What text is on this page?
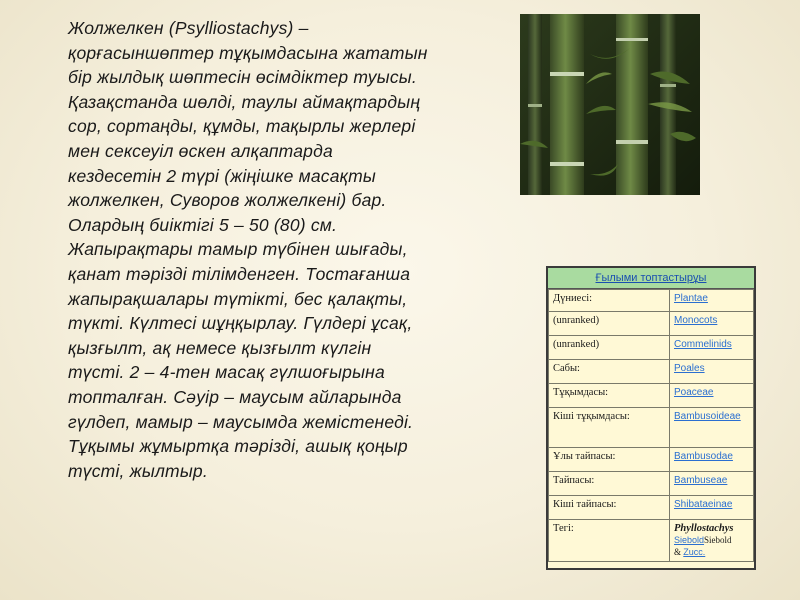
Жолжелкен (Psylliostachys) – қорғасыншөптер тұқымдасына жататын бір жылдық шөптесін өсімдіктер туысы. Қазақстанда шөлді, таулы аймақтардың сор, сортаңды, құмды, тақырлы жерлері мен сексеуіл өскен алқаптарда кездесетін 2 түрі (жіңішке масақты жолжелкен, Суворов жолжелкені) бар. Олардың биіктігі 5 – 50 (80) см. Жапырақтары тамыр түбінен шығады, қанат тәрізді тілімденген. Тостағанша жапырақшалары түтікті, бес қалақты, түкті. Күлтесі шұңқырлау. Гүлдері ұсақ, қызғылт, ақ немесе қызғылт күлгін түсті. 2 – 4-тен масақ гүлшоғырына топталған. Сәуір – маусым айларында гүлдеп, мамыр – маусымда жемістенеді. Тұқымы жұмыртқа тәрізді, ашық қоңыр түсті, жылтыр.

Ғылыми топтастырұы
Дүниесі:	Plantae
(unranked)	Monocots
(unranked)	Commelinids
Сабы:	Poales
Тұқымдасы:	Poaceae
Кіші тұқымдасы:	Bambusoideae
Ұлы тайпасы:	Bambusodae
Тайпасы:	Bambuseae
Кіші тайпасы:	Shibataeinae
Тегі:	Phyllostachys
SieboldSiebold
& Zucc.
